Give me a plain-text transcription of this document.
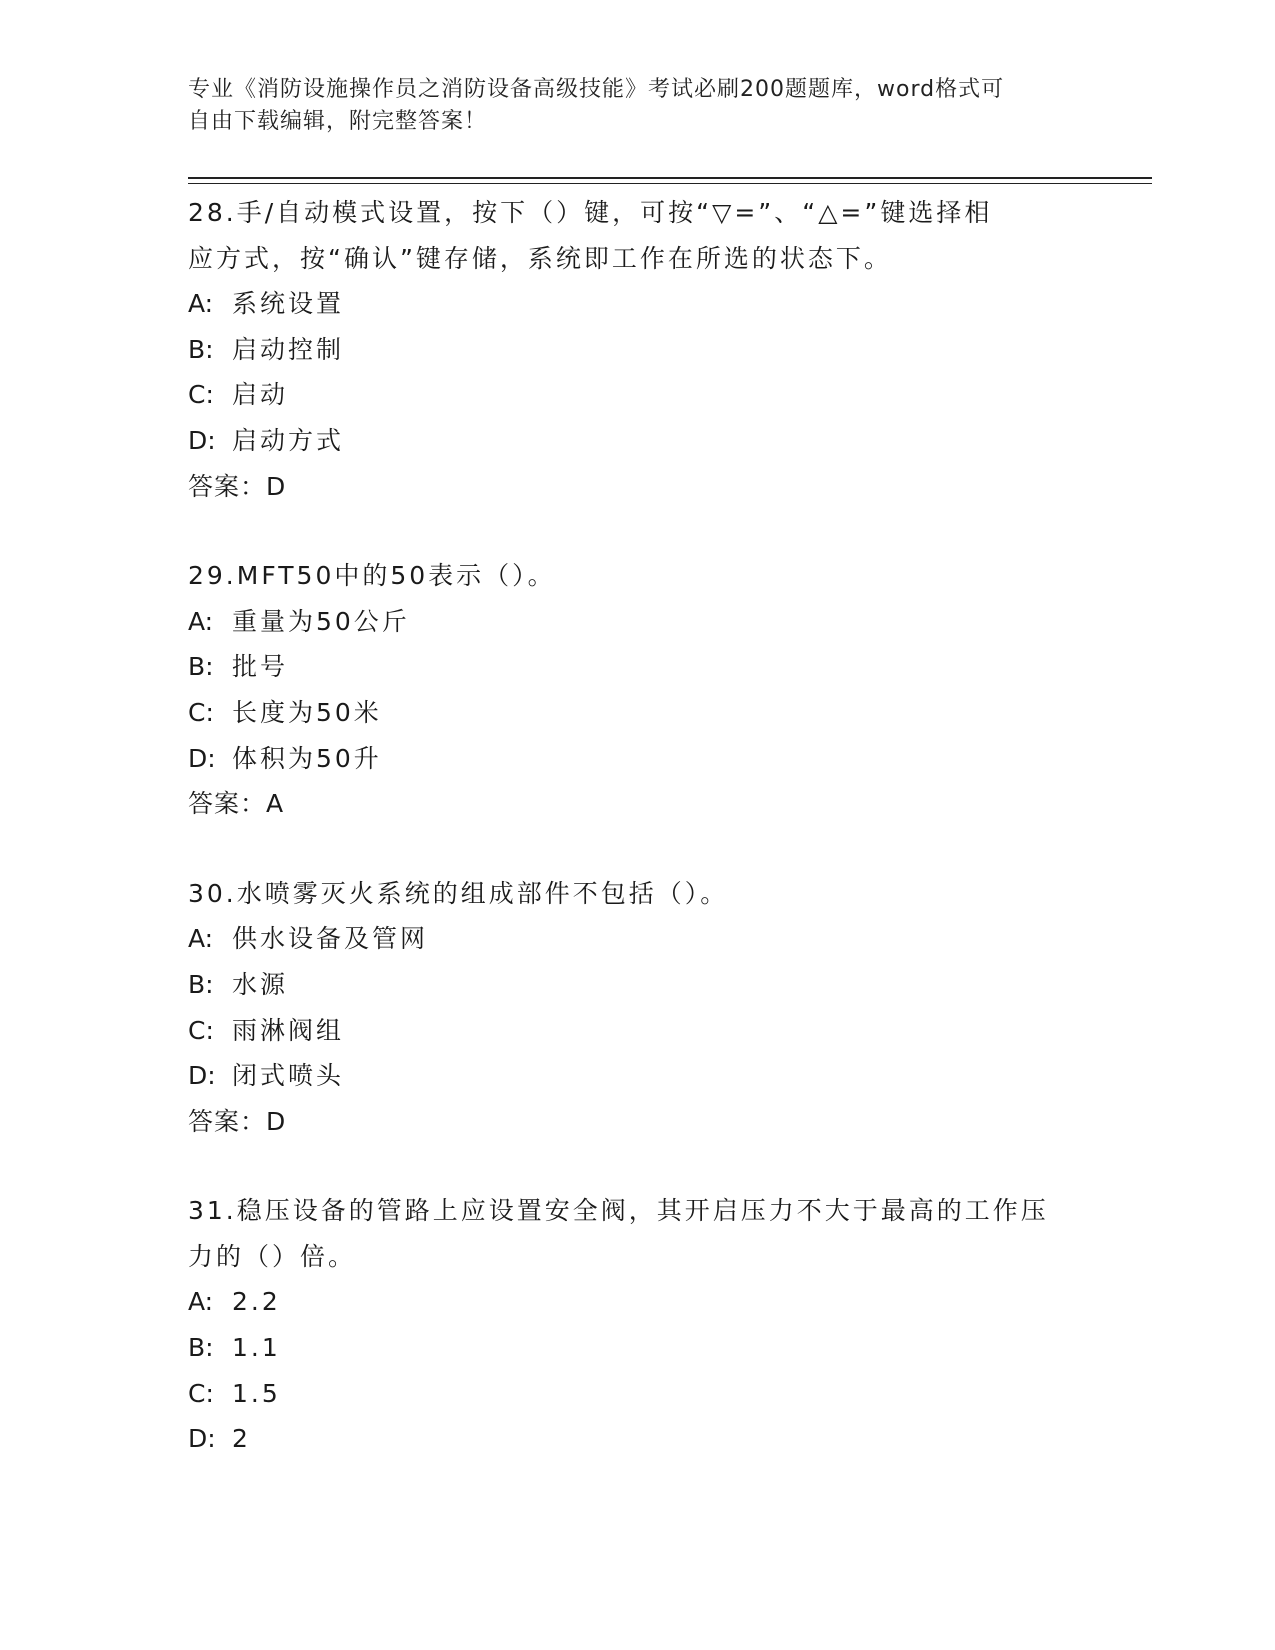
专业《消防设施操作员之消防设备高级技能》考试必刷200题题库，word格式可
自由下载编辑，附完整答案！
28.手/自动模式设置，按下（）键，可按“▽=”、“△=”键选择相
应方式，按“确认”键存储，系统即工作在所选的状态下。
A: 系统设置
B: 启动控制
C: 启动
D: 启动方式
答案：D
29.MFT50中的50表示（）。
A: 重量为50公斤
B: 批号
C: 长度为50米
D: 体积为50升
答案：A
30.水喷雾灭火系统的组成部件不包括（）。
A: 供水设备及管网
B: 水源
C: 雨淋阀组
D: 闭式喷头
答案：D
31.稳压设备的管路上应设置安全阀，其开启压力不大于最高的工作压
力的（）倍。
A: 2.2
B: 1.1
C: 1.5
D: 2
